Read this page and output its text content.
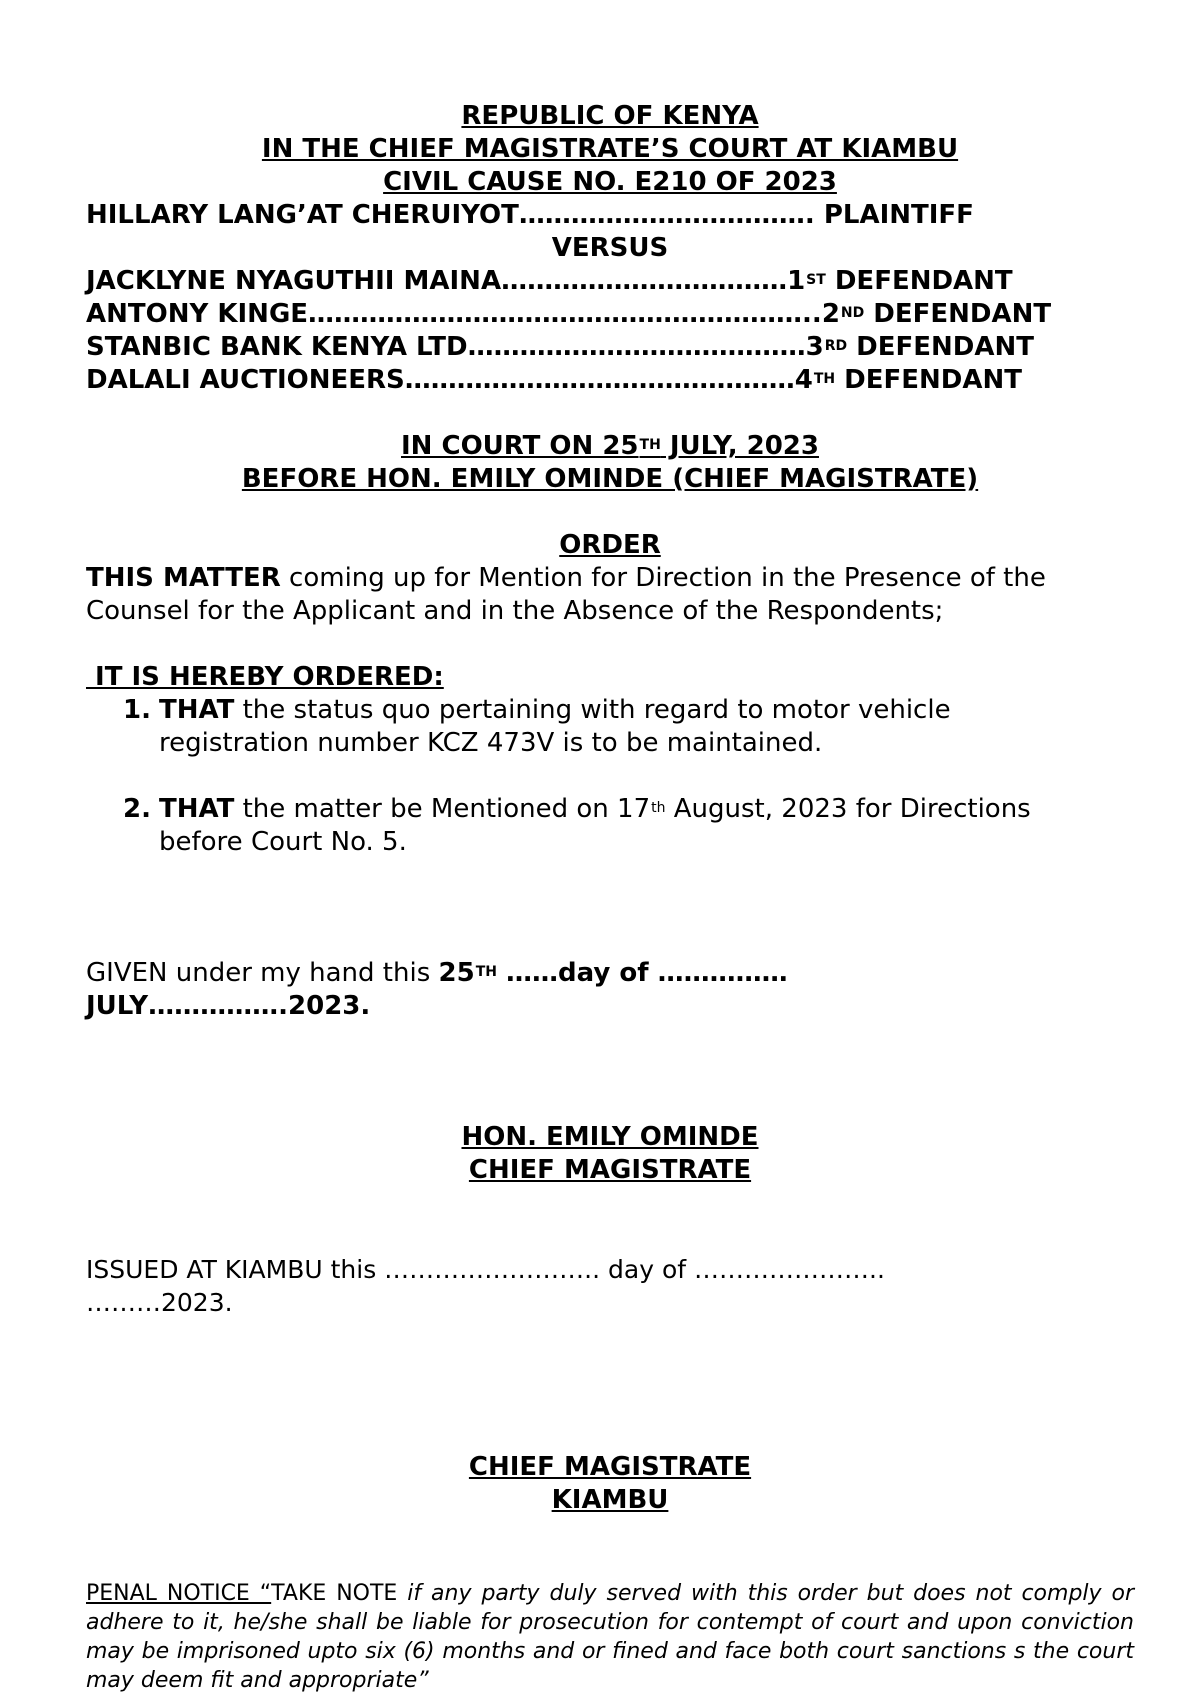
REPUBLIC OF KENYA
IN THE CHIEF MAGISTRATE’S COURT AT KIAMBU
CIVIL CAUSE NO. E210 OF 2023
HILLARY LANG’AT CHERUIYOT……………………………. PLAINTIFF
VERSUS
JACKLYNE NYAGUTHII MAINA……………………………1ST DEFENDANT
ANTONY KINGE…………………………………………………..2ND DEFENDANT
STANBIC BANK KENYA LTD…………………………………3RD DEFENDANT
DALALI AUCTIONEERS………………………………………4TH DEFENDANT
IN COURT ON 25TH JULY, 2023
BEFORE HON. EMILY OMINDE (CHIEF MAGISTRATE)
ORDER
THIS MATTER coming up for Mention for Direction in the Presence of the
Counsel for the Applicant and in the Absence of the Respondents;
IT IS HEREBY ORDERED:
1. THAT the status quo pertaining with regard to motor vehicle
registration number KCZ 473V is to be maintained.
2. THAT the matter be Mentioned on 17th August, 2023 for Directions
before Court No. 5.
GIVEN under my hand this 25TH ……day of ……………
JULY…………….2023.
HON. EMILY OMINDE
CHIEF MAGISTRATE
ISSUED AT KIAMBU this …………………….. day of …………………..
………2023.
CHIEF MAGISTRATE
KIAMBU
PENAL NOTICE “TAKE NOTE if any party duly served with this order but does not comply or adhere to it, he/she shall be liable for prosecution for contempt of court and upon conviction may be imprisoned upto six (6) months and or fined and face both court sanctions s the court may deem fit and appropriate”
